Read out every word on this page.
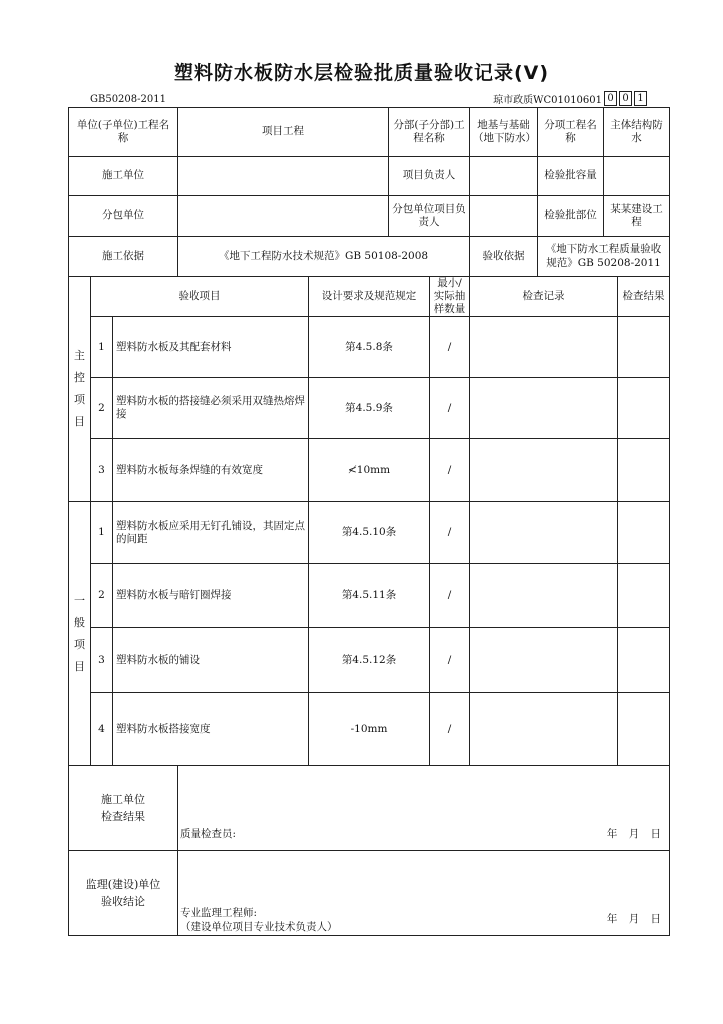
塑料防水板防水层检验批质量验收记录(Ⅴ)
GB50208-2011	琼市政质WC01010601 0 0 1
单位(子单位)工程名称			项目工程		分部(子分部)工程名称		地基与基础（地下防水）	分项工程名称	主体结构防水	
施工单位					项目负责人			检验批容量		
分包单位					分包单位项目负责人			检验批部位	某某建设工程	
施工依据			《地下工程防水技术规范》GB 50108-2008				验收依据	《地下防水工程质量验收规范》GB 50208-2011		
主
控
项
目	验收项目			设计要求及规范规定		最小/实际抽样数量	检查记录			检查结果
	1	塑料防水板及其配套材料		第4.5.8条		/				
	2	塑料防水板的搭接缝必须采用双缝热熔焊接		第4.5.9条		/				
	3	塑料防水板每条焊缝的有效宽度		≮10mm		/				
一
般
项
目	1	塑料防水板应采用无钉孔铺设，其固定点的间距		第4.5.10条		/				
	2	塑料防水板与暗钉圈焊接		第4.5.11条		/				
	3	塑料防水板的铺设		第4.5.12条		/				
	4	塑料防水板搭接宽度		-10mm		/				

施工单位
检查结果			质量检查员: 年 月 日							

监理(建设)单位
验收结论			专业监理工程师:
（建设单位项目专业技术负责人）
年 月 日							
